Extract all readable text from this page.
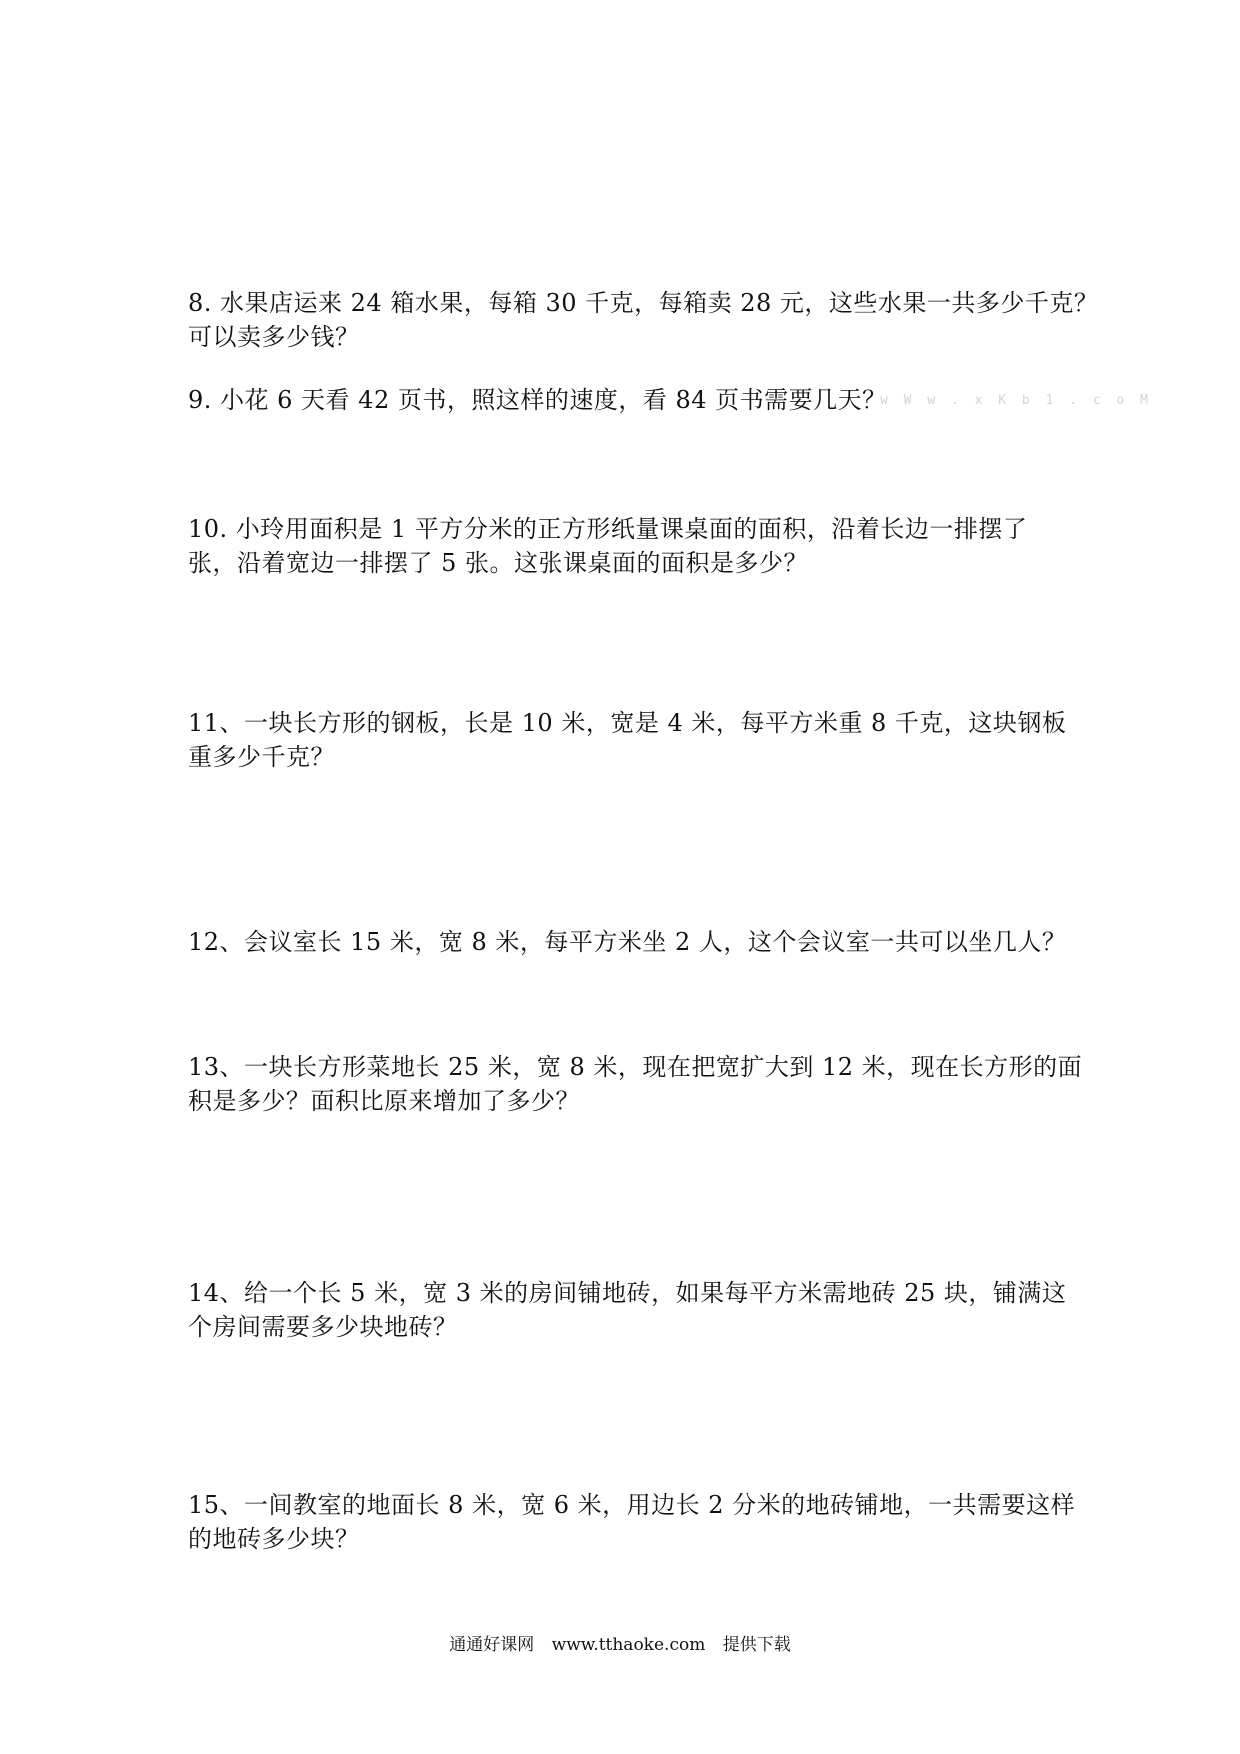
8. 水果店运来 24 箱水果，每箱 30 千克，每箱卖 28 元，这些水果一共多少千克？
可以卖多少钱？
9. 小花 6 天看 42 页书，照这样的速度，看 84 页书需要几天？
w W w . x K b 1 . c o M
10. 小玲用面积是 1 平方分米的正方形纸量课桌面的面积，沿着长边一排摆了
张，沿着宽边一排摆了 5 张。这张课桌面的面积是多少？
11、一块长方形的钢板，长是 10 米，宽是 4 米，每平方米重 8 千克，这块钢板
重多少千克？
12、会议室长 15 米，宽 8 米，每平方米坐 2 人，这个会议室一共可以坐几人？
13、一块长方形菜地长 25 米，宽 8 米，现在把宽扩大到 12 米，现在长方形的面
积是多少？面积比原来增加了多少？
14、给一个长 5 米，宽 3 米的房间铺地砖，如果每平方米需地砖 25 块，铺满这
个房间需要多少块地砖？
15、一间教室的地面长 8 米，宽 6 米，用边长 2 分米的地砖铺地，一共需要这样
的地砖多少块？
通通好课网 www.tthaoke.com 提供下载
